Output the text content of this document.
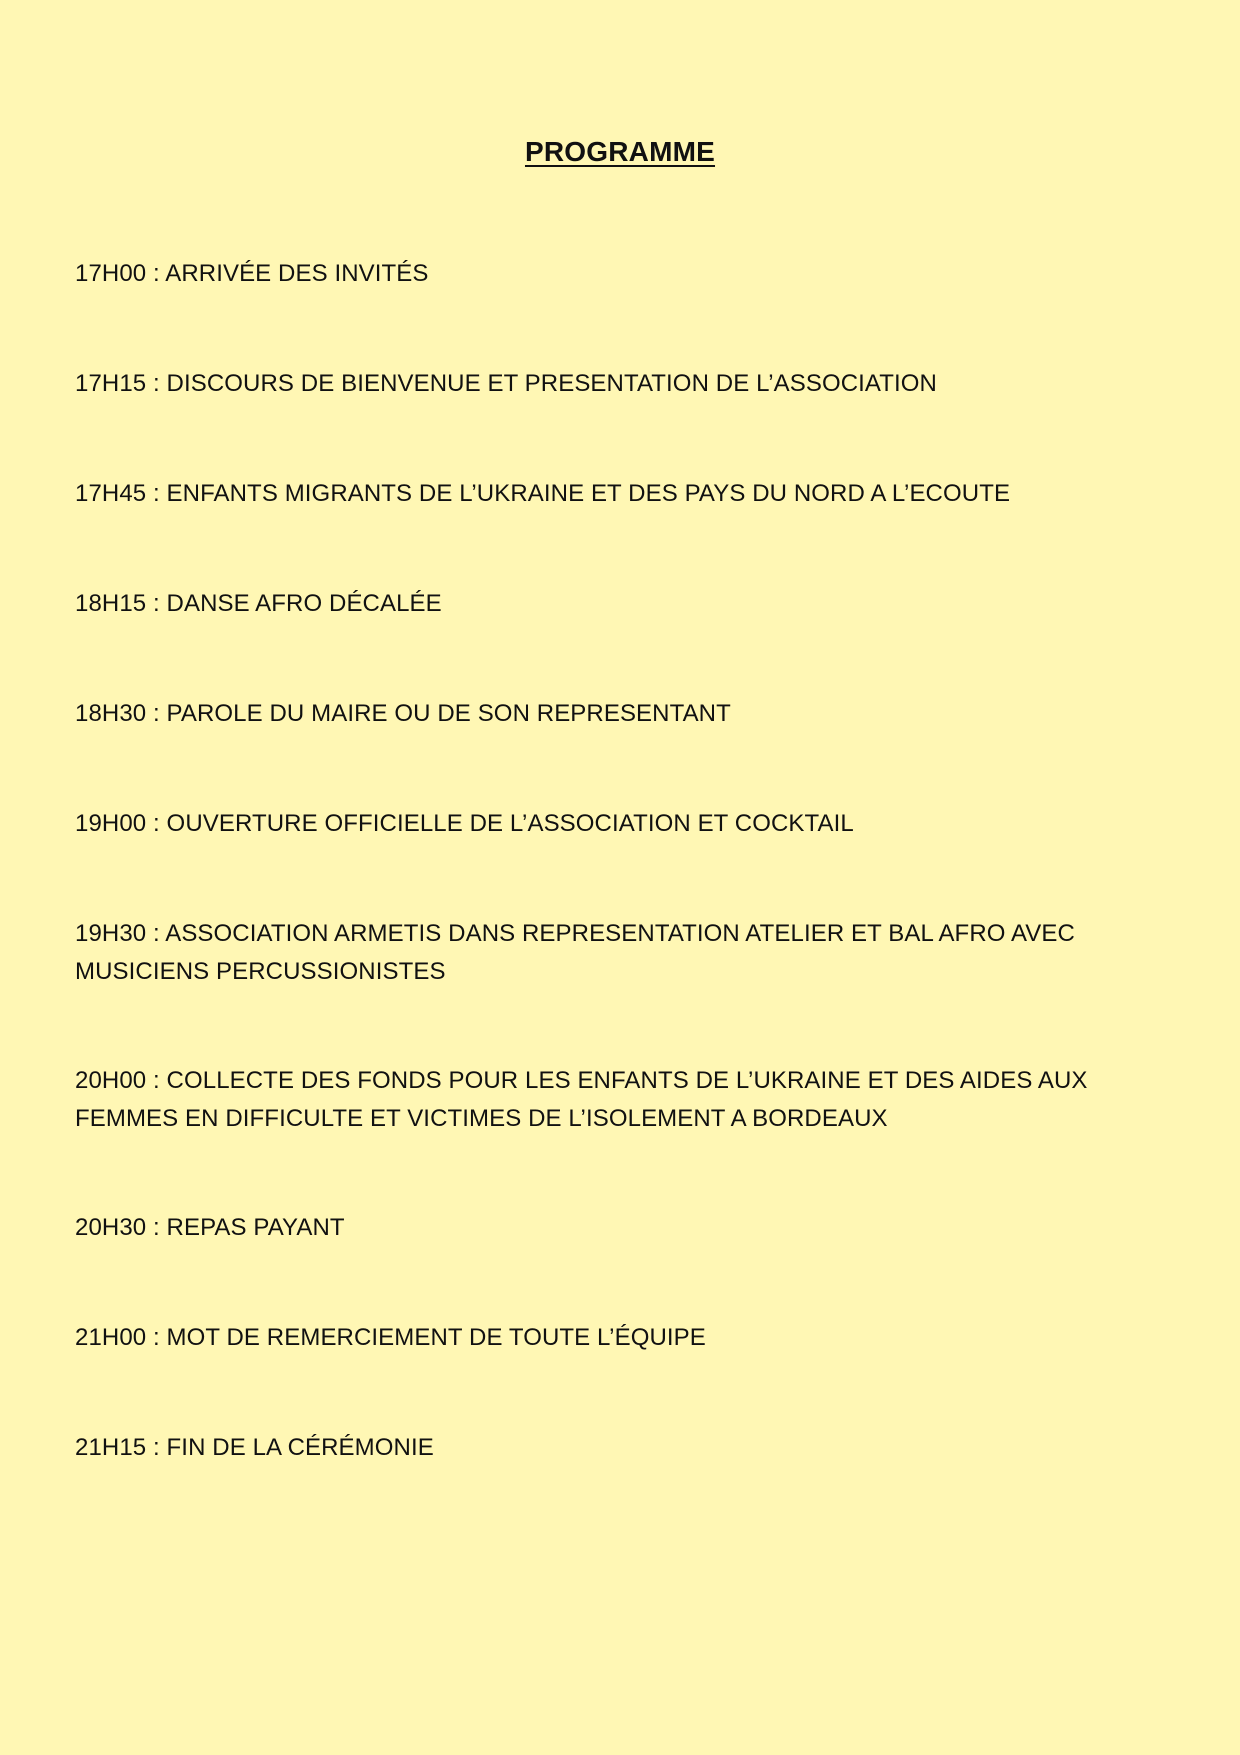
PROGRAMME
17H00 : ARRIVÉE DES INVITÉS
17H15 : DISCOURS DE BIENVENUE ET PRESENTATION DE L’ASSOCIATION
17H45 : ENFANTS MIGRANTS DE L’UKRAINE ET DES PAYS DU NORD A L’ECOUTE
18H15 : DANSE AFRO DÉCALÉE
18H30 : PAROLE DU MAIRE OU DE SON REPRESENTANT
19H00 : OUVERTURE OFFICIELLE DE L’ASSOCIATION ET COCKTAIL
19H30 : ASSOCIATION ARMETIS DANS REPRESENTATION ATELIER ET BAL AFRO AVEC MUSICIENS PERCUSSIONISTES
20H00 : COLLECTE DES FONDS POUR LES ENFANTS DE L’UKRAINE ET DES AIDES AUX FEMMES EN DIFFICULTE ET VICTIMES DE L’ISOLEMENT A BORDEAUX
20H30 : REPAS PAYANT
21H00 : MOT DE REMERCIEMENT DE TOUTE L’ÉQUIPE
21H15 : FIN DE LA CÉRÉMONIE
